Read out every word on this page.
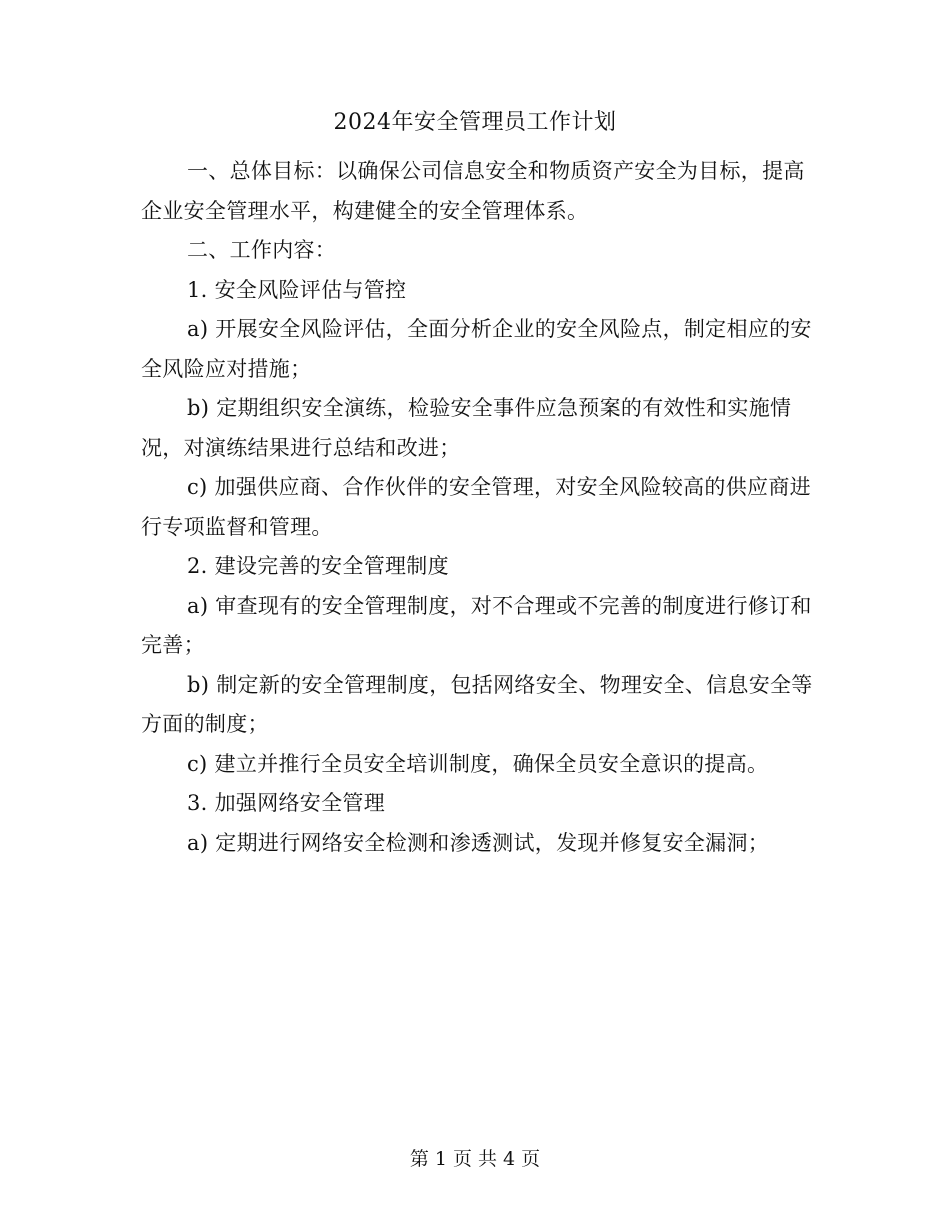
2024年安全管理员工作计划

一、总体目标：以确保公司信息安全和物质资产安全为目标，提高企业安全管理水平，构建健全的安全管理体系。

二、工作内容：

1. 安全风险评估与管控

a) 开展安全风险评估，全面分析企业的安全风险点，制定相应的安全风险应对措施；

b) 定期组织安全演练，检验安全事件应急预案的有效性和实施情况，对演练结果进行总结和改进；

c) 加强供应商、合作伙伴的安全管理，对安全风险较高的供应商进行专项监督和管理。

2. 建设完善的安全管理制度

a) 审查现有的安全管理制度，对不合理或不完善的制度进行修订和完善；

b) 制定新的安全管理制度，包括网络安全、物理安全、信息安全等方面的制度；

c) 建立并推行全员安全培训制度，确保全员安全意识的提高。

3. 加强网络安全管理

a) 定期进行网络安全检测和渗透测试，发现并修复安全漏洞；

第 1 页 共 4 页
